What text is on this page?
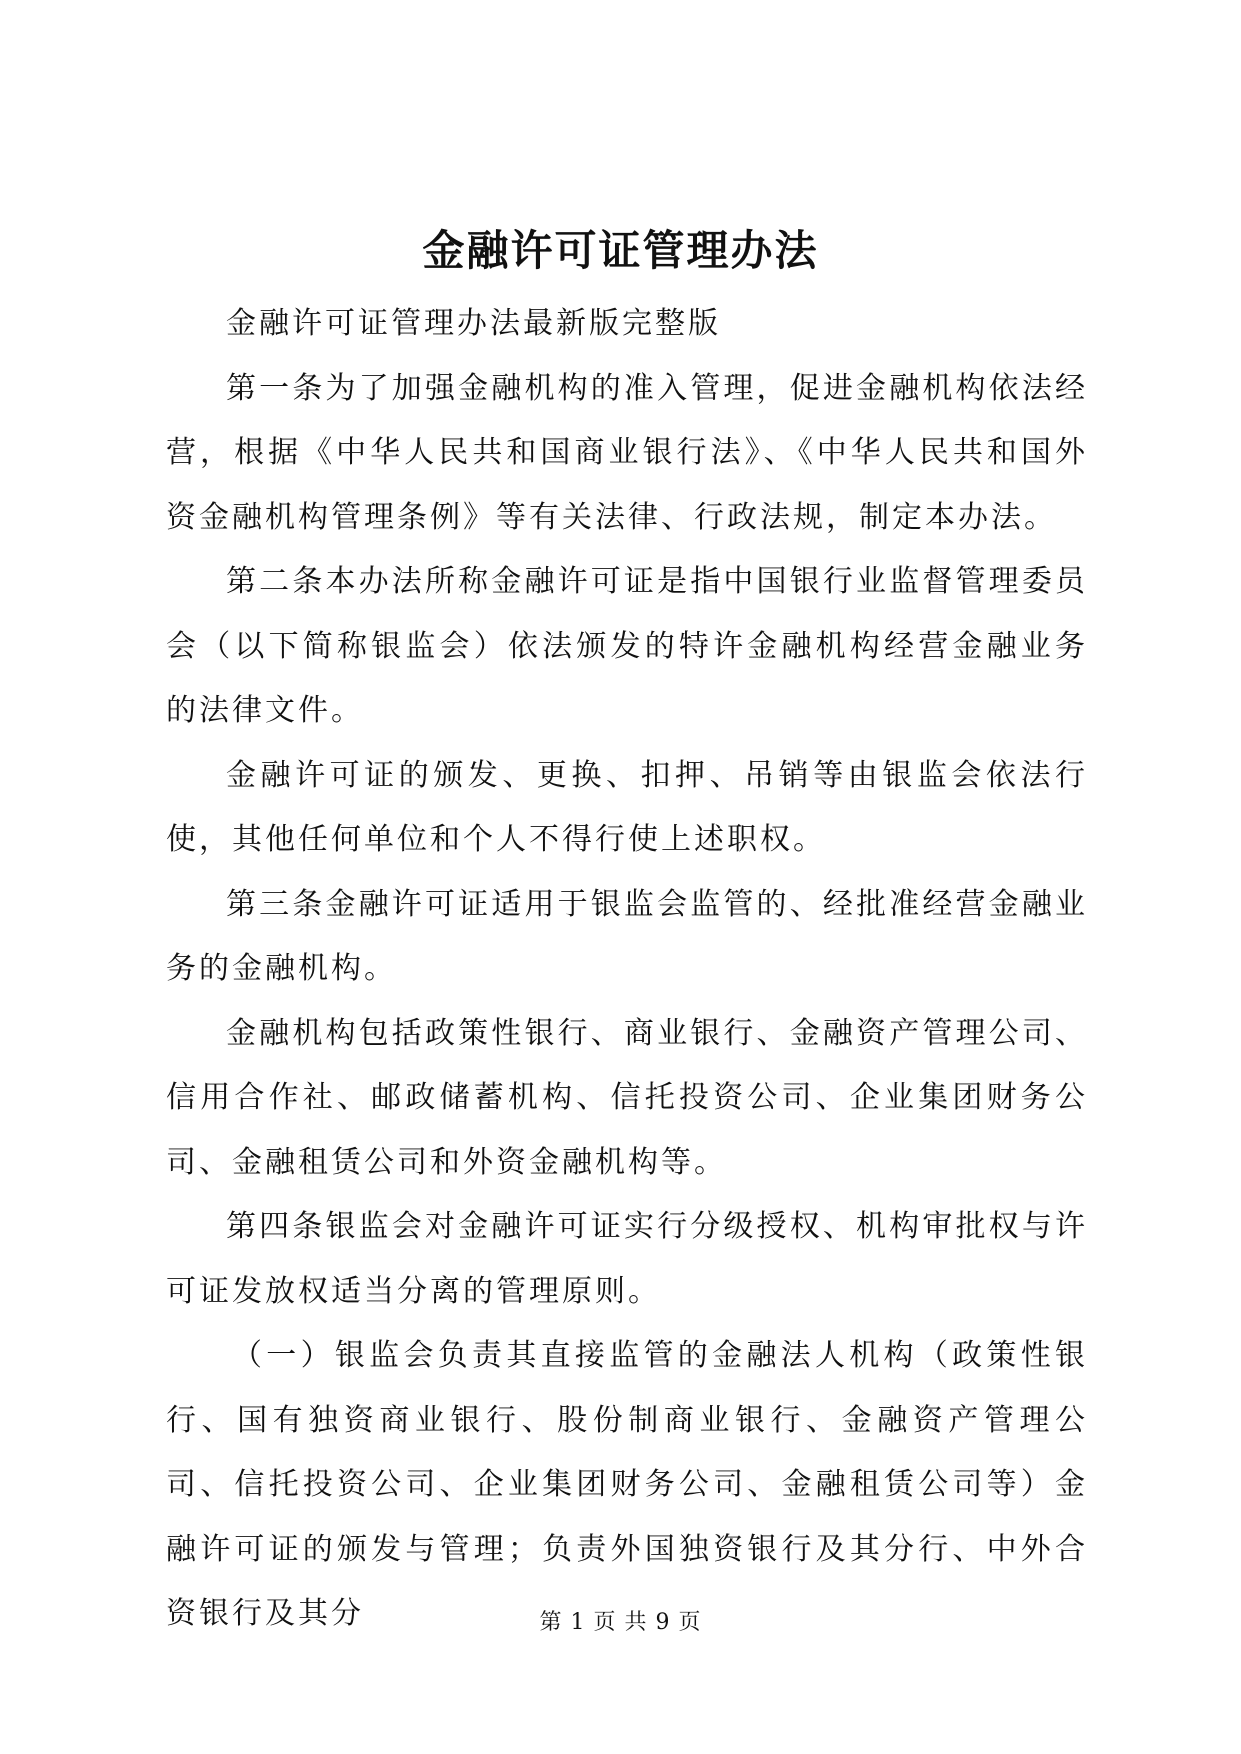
金融许可证管理办法

金融许可证管理办法最新版完整版

第一条为了加强金融机构的准入管理，促进金融机构依法经营，根据《中华人民共和国商业银行法》、《中华人民共和国外资金融机构管理条例》等有关法律、行政法规，制定本办法。

第二条本办法所称金融许可证是指中国银行业监督管理委员会（以下简称银监会）依法颁发的特许金融机构经营金融业务的法律文件。

金融许可证的颁发、更换、扣押、吊销等由银监会依法行使，其他任何单位和个人不得行使上述职权。

第三条金融许可证适用于银监会监管的、经批准经营金融业务的金融机构。

金融机构包括政策性银行、商业银行、金融资产管理公司、信用合作社、邮政储蓄机构、信托投资公司、企业集团财务公司、金融租赁公司和外资金融机构等。

第四条银监会对金融许可证实行分级授权、机构审批权与许可证发放权适当分离的管理原则。

（一）银监会负责其直接监管的金融法人机构（政策性银行、国有独资商业银行、股份制商业银行、金融资产管理公司、信托投资公司、企业集团财务公司、金融租赁公司等）金融许可证的颁发与管理；负责外国独资银行及其分行、中外合资银行及其分	第 1 页 共 9 页
